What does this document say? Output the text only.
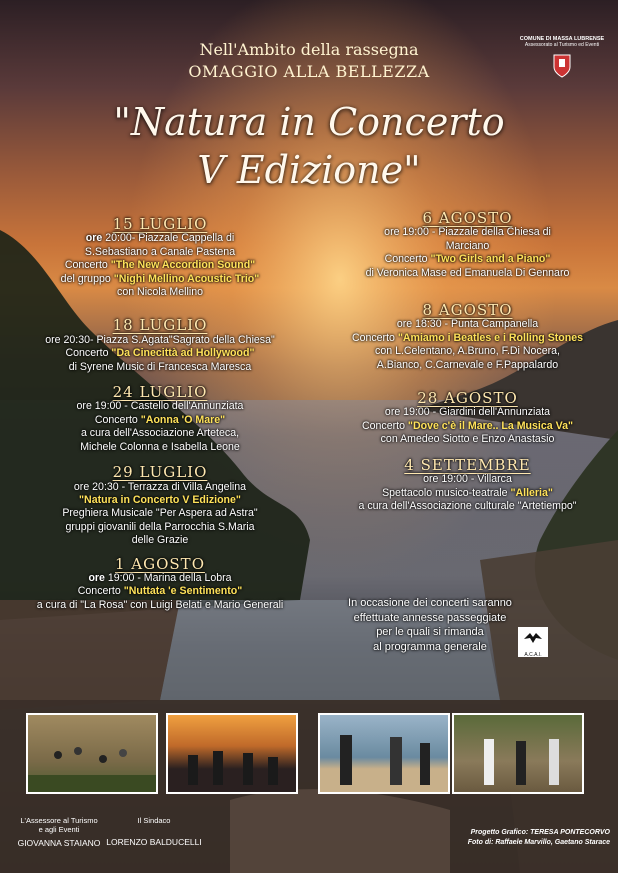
Nell'Ambito della rassegna
OMAGGIO ALLA BELLEZZA
"Natura in Concerto
V Edizione"
COMUNE DI MASSA LUBRENSE
Assessorato al Turismo ed Eventi
15 LUGLIO
ore 20:00- Piazzale Cappella di
S.Sebastiano a Canale Pastena
Concerto "The New Accordion Sound"
del gruppo "Nighi Mellino Acoustic Trio"
con Nicola Mellino
18 LUGLIO
ore 20:30- Piazza S.Agata"Sagrato della Chiesa"
Concerto "Da Cinecittà ad Hollywood"
di Syrene Music di Francesca Maresca
24 LUGLIO
ore 19:00 - Castello dell'Annunziata
Concerto "Aonna 'O Mare"
a cura dell'Associazione Arteteca,
Michele Colonna e Isabella Leone
29 LUGLIO
ore 20:30 - Terrazza di Villa Angelina
"Natura in Concerto V Edizione"
Preghiera Musicale "Per Aspera ad Astra"
gruppi giovanili della Parrocchia S.Maria
delle Grazie
1 AGOSTO
ore 19:00 - Marina della Lobra
Concerto "Nuttata 'e Sentimento"
a cura di "La Rosa" con Luigi Belati e Mario Generali
6 AGOSTO
ore 19:00 - Piazzale della Chiesa di
Marciano
Concerto "Two Girls and a Piano"
di Veronica Mase ed Emanuela Di Gennaro
8 AGOSTO
ore 18:30 - Punta Campanella
Concerto "Amiamo i Beatles e i Rolling Stones
con L.Celentano, A.Bruno, F.Di Nocera,
A.Bianco, C.Carnevale e F.Pappalardo
28 AGOSTO
ore 19:00 - Giardini dell'Annunziata
Concerto "Dove c'è il Mare.. La Musica Va"
con Amedeo Siotto e Enzo Anastasio
4 SETTEMBRE
ore 19:00 - Villarca
Spettacolo musico-teatrale "Alleria"
a cura dell'Associazione culturale "Artetiempo"
In occasione dei concerti saranno
effettuate annesse passeggiate
per le quali si rimanda
al programma generale
A.C.A.I.
L'Assessore al Turismo
e agli Eventi
GIOVANNA STAIANO
Il Sindaco
LORENZO BALDUCELLI
Progetto Grafico: TERESA PONTECORVO
Foto di: Raffaele Marvillo, Gaetano Starace
